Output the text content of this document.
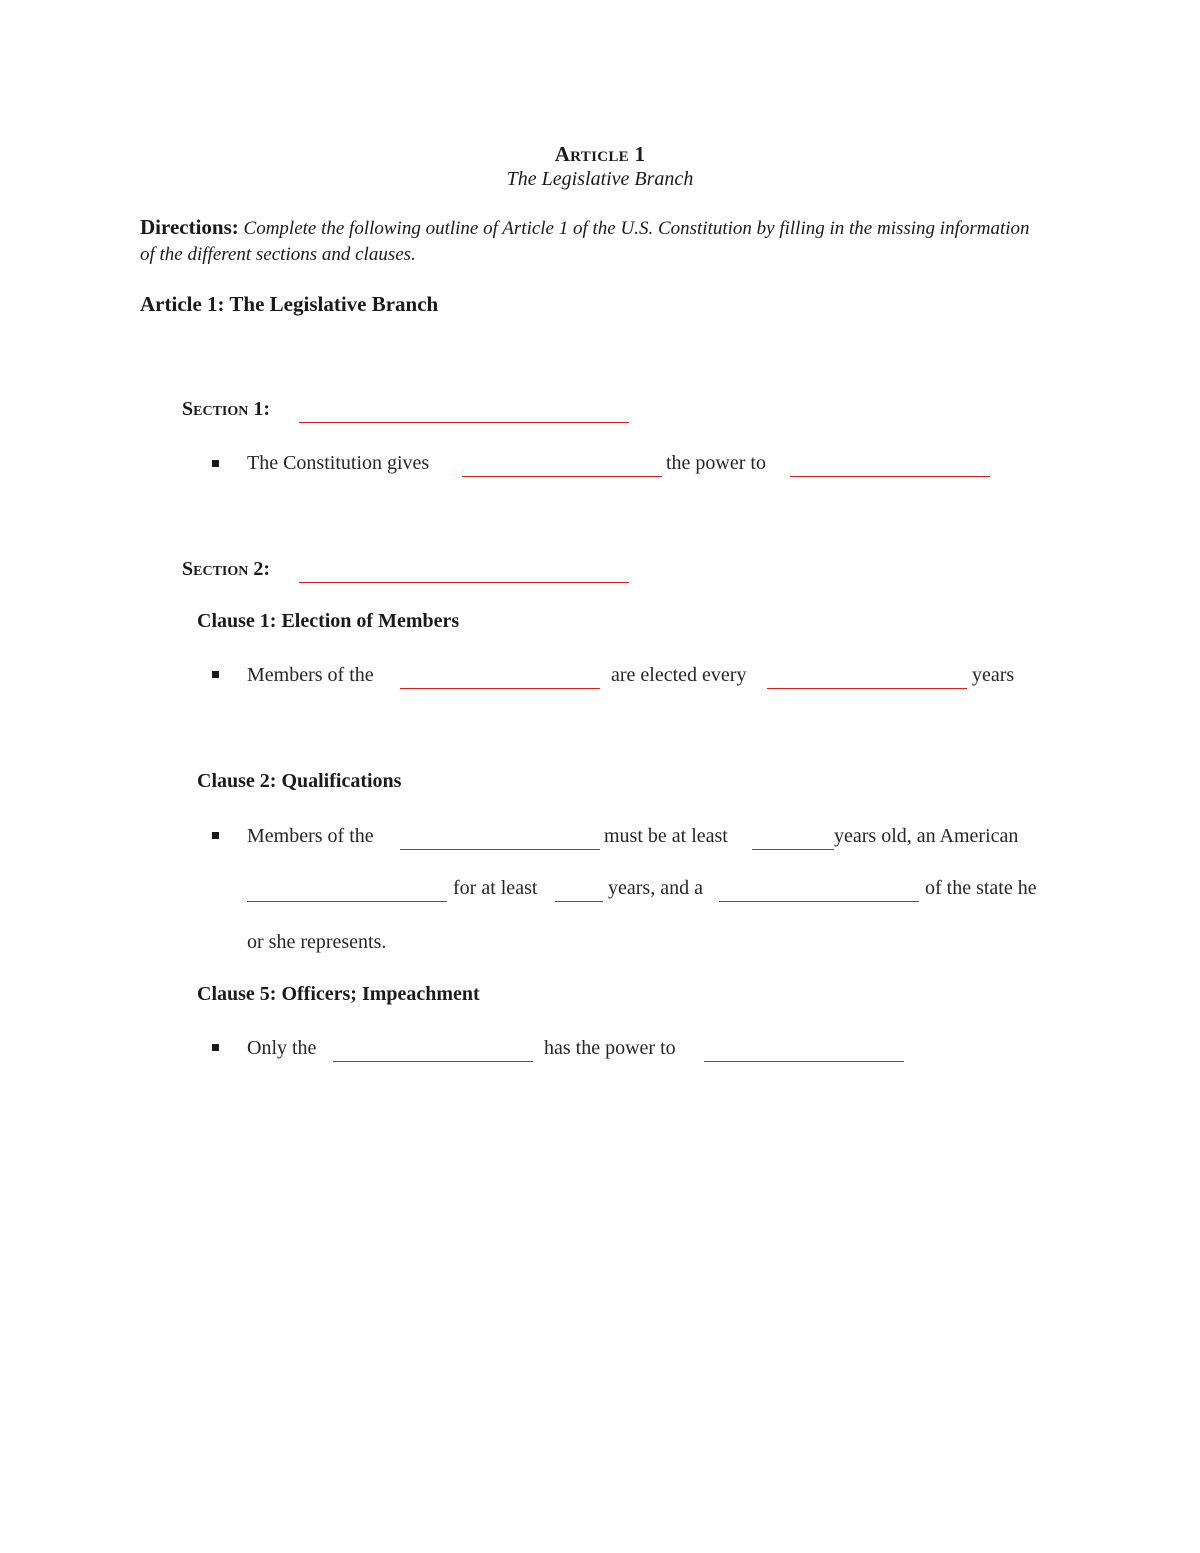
Article 1
The Legislative Branch
Directions: Complete the following outline of Article 1 of the U.S. Constitution by filling in the missing information of the different sections and clauses.
Article 1: The Legislative Branch
Section 1:
The Constitution gives	the power to
Section 2:
Clause 1: Election of Members
Members of the	are elected every	years
Clause 2: Qualifications
Members of the	must be at least	years old, an American
for at least	years, and a	of the state he
or she represents.
Clause 5: Officers; Impeachment
Only the	has the power to
